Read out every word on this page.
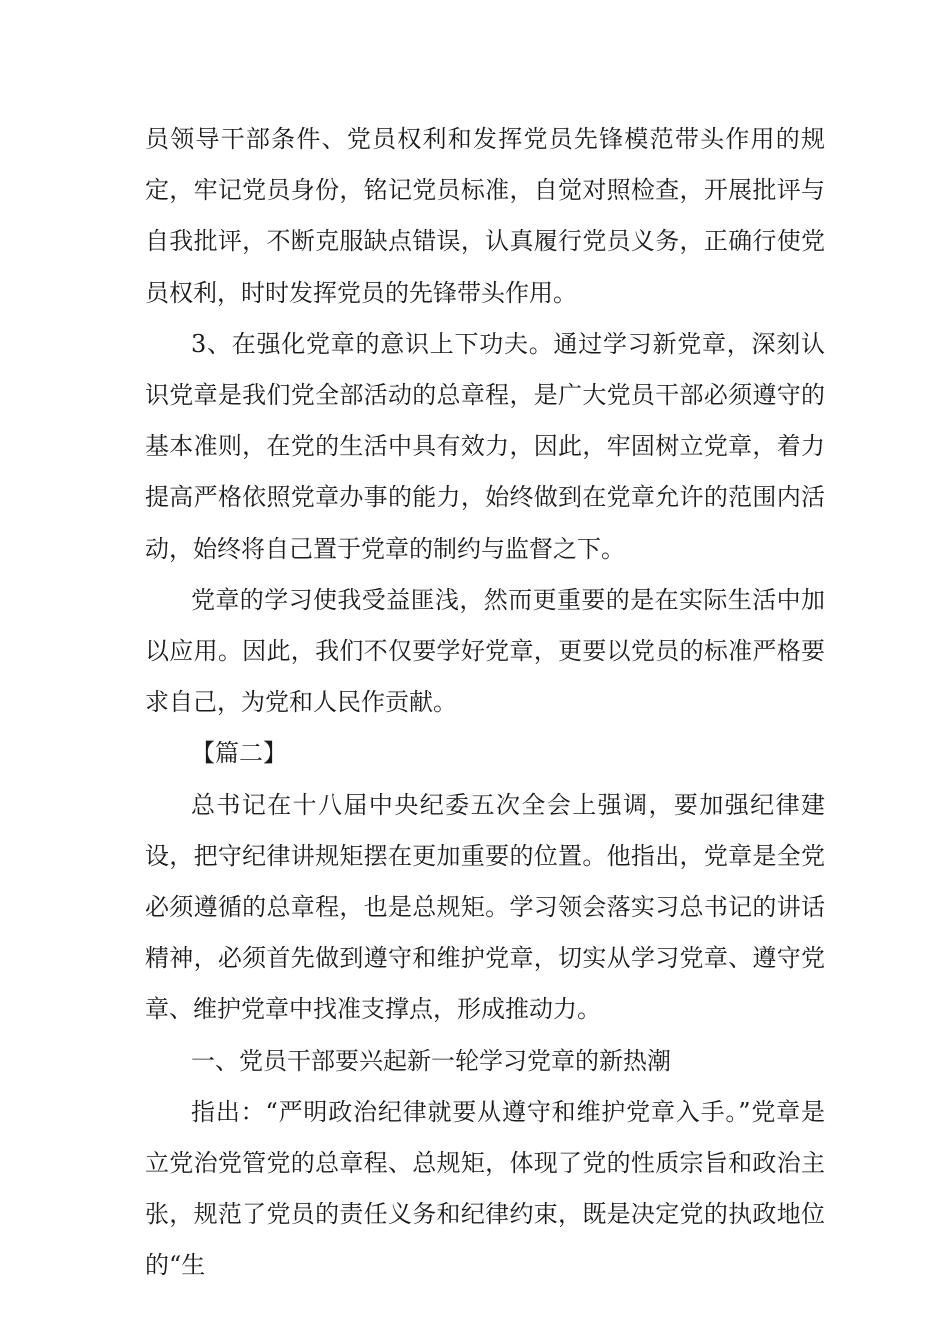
员领导干部条件、党员权利和发挥党员先锋模范带头作用的规定，牢记党员身份，铭记党员标准，自觉对照检查，开展批评与自我批评，不断克服缺点错误，认真履行党员义务，正确行使党员权利，时时发挥党员的先锋带头作用。

3、在强化党章的意识上下功夫。通过学习新党章，深刻认识党章是我们党全部活动的总章程，是广大党员干部必须遵守的基本准则，在党的生活中具有效力，因此，牢固树立党章，着力提高严格依照党章办事的能力，始终做到在党章允许的范围内活动，始终将自己置于党章的制约与监督之下。

党章的学习使我受益匪浅，然而更重要的是在实际生活中加以应用。因此，我们不仅要学好党章，更要以党员的标准严格要求自己，为党和人民作贡献。

【篇二】

总书记在十八届中央纪委五次全会上强调，要加强纪律建设，把守纪律讲规矩摆在更加重要的位置。他指出，党章是全党必须遵循的总章程，也是总规矩。学习领会落实习总书记的讲话精神，必须首先做到遵守和维护党章，切实从学习党章、遵守党章、维护党章中找准支撑点，形成推动力。

一、党员干部要兴起新一轮学习党章的新热潮

指出：“严明政治纪律就要从遵守和维护党章入手。”党章是立党治党管党的总章程、总规矩，体现了党的性质宗旨和政治主张，规范了党员的责任义务和纪律约束，既是决定党的执政地位的“生
